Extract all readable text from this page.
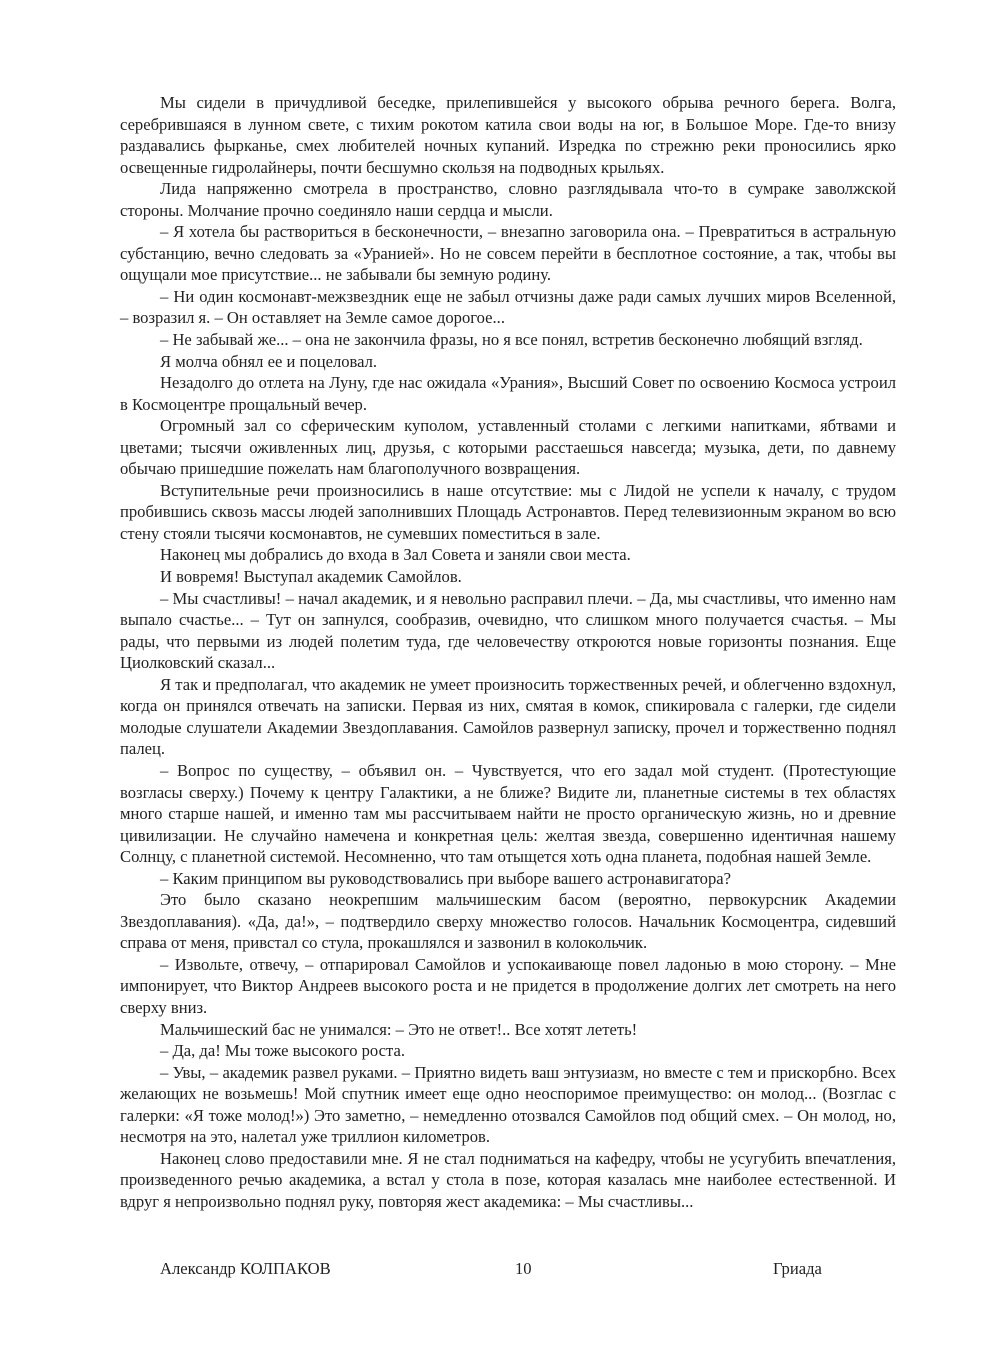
Мы сидели в причудливой беседке, прилепившейся у высокого обрыва речного берега. Волга, серебрившаяся в лунном свете, с тихим рокотом катила свои воды на юг, в Большое Море. Где-то внизу раздавались фырканье, смех любителей ночных купаний. Изредка по стрежню реки проносились ярко освещенные гидролайнеры, почти бесшумно скользя на подводных крыльях.

Лида напряженно смотрела в пространство, словно разглядывала что-то в сумраке заволжской стороны. Молчание прочно соединяло наши сердца и мысли.

– Я хотела бы раствориться в бесконечности, – внезапно заговорила она. – Превратиться в астральную субстанцию, вечно следовать за «Уранией». Но не совсем перейти в бесплотное состояние, а так, чтобы вы ощущали мое присутствие... не забывали бы земную родину.

– Ни один космонавт-межзвездник еще не забыл отчизны даже ради самых лучших миров Вселенной, – возразил я. – Он оставляет на Земле самое дорогое...

– Не забывай же... – она не закончила фразы, но я все понял, встретив бесконечно любящий взгляд.

Я молча обнял ее и поцеловал.

Незадолго до отлета на Луну, где нас ожидала «Урания», Высший Совет по освоению Космоса устроил в Космоцентре прощальный вечер.

Огромный зал со сферическим куполом, уставленный столами с легкими напитками, ябтвами и цветами; тысячи оживленных лиц, друзья, с которыми расстаешься навсегда; музыка, дети, по давнему обычаю пришедшие пожелать нам благополучного возвращения.

Вступительные речи произносились в наше отсутствие: мы с Лидой не успели к началу, с трудом пробившись сквозь массы людей заполнивших Площадь Астронавтов. Перед телевизионным экраном во всю стену стояли тысячи космонавтов, не сумевших поместиться в зале.

Наконец мы добрались до входа в Зал Совета и заняли свои места.

И вовремя! Выступал академик Самойлов.

– Мы счастливы! – начал академик, и я невольно расправил плечи. – Да, мы счастливы, что именно нам выпало счастье... – Тут он запнулся, сообразив, очевидно, что слишком много получается счастья. – Мы рады, что первыми из людей полетим туда, где человечеству откроются новые горизонты познания. Еще Циолковский сказал...

Я так и предполагал, что академик не умеет произносить торжественных речей, и облегченно вздохнул, когда он принялся отвечать на записки. Первая из них, смятая в комок, спикировала с галерки, где сидели молодые слушатели Академии Звездоплавания. Самойлов развернул записку, прочел и торжественно поднял палец.

– Вопрос по существу, – объявил он. – Чувствуется, что его задал мой студент. (Протестующие возгласы сверху.) Почему к центру Галактики, а не ближе? Видите ли, планетные системы в тех областях много старше нашей, и именно там мы рассчитываем найти не просто органическую жизнь, но и древние цивилизации. Не случайно намечена и конкретная цель: желтая звезда, совершенно идентичная нашему Солнцу, с планетной системой. Несомненно, что там отыщется хоть одна планета, подобная нашей Земле.

– Каким принципом вы руководствовались при выборе вашего астронавигатора?

Это было сказано неокрепшим мальчишеским басом (вероятно, первокурсник Академии Звездоплавания). «Да, да!», – подтвердило сверху множество голосов. Начальник Космоцентра, сидевший справа от меня, привстал со стула, прокашлялся и зазвонил в колокольчик.

– Извольте, отвечу, – отпарировал Самойлов и успокаивающе повел ладонью в мою сторону. – Мне импонирует, что Виктор Андреев высокого роста и не придется в продолжение долгих лет смотреть на него сверху вниз.

Мальчишеский бас не унимался: – Это не ответ!.. Все хотят лететь!

– Да, да! Мы тоже высокого роста.

– Увы, – академик развел руками. – Приятно видеть ваш энтузиазм, но вместе с тем и прискорбно. Всех желающих не возьмешь! Мой спутник имеет еще одно неоспоримое преимущество: он молод... (Возглас с галерки: «Я тоже молод!») Это заметно, – немедленно отозвался Самойлов под общий смех. – Он молод, но, несмотря на это, налетал уже триллион километров.

Наконец слово предоставили мне. Я не стал подниматься на кафедру, чтобы не усугубить впечатления, произведенного речью академика, а встал у стола в позе, которая казалась мне наиболее естественной. И вдруг я непроизвольно поднял руку, повторяя жест академика: – Мы счастливы...

Александр КОЛПАКОВ	10	Гриада
